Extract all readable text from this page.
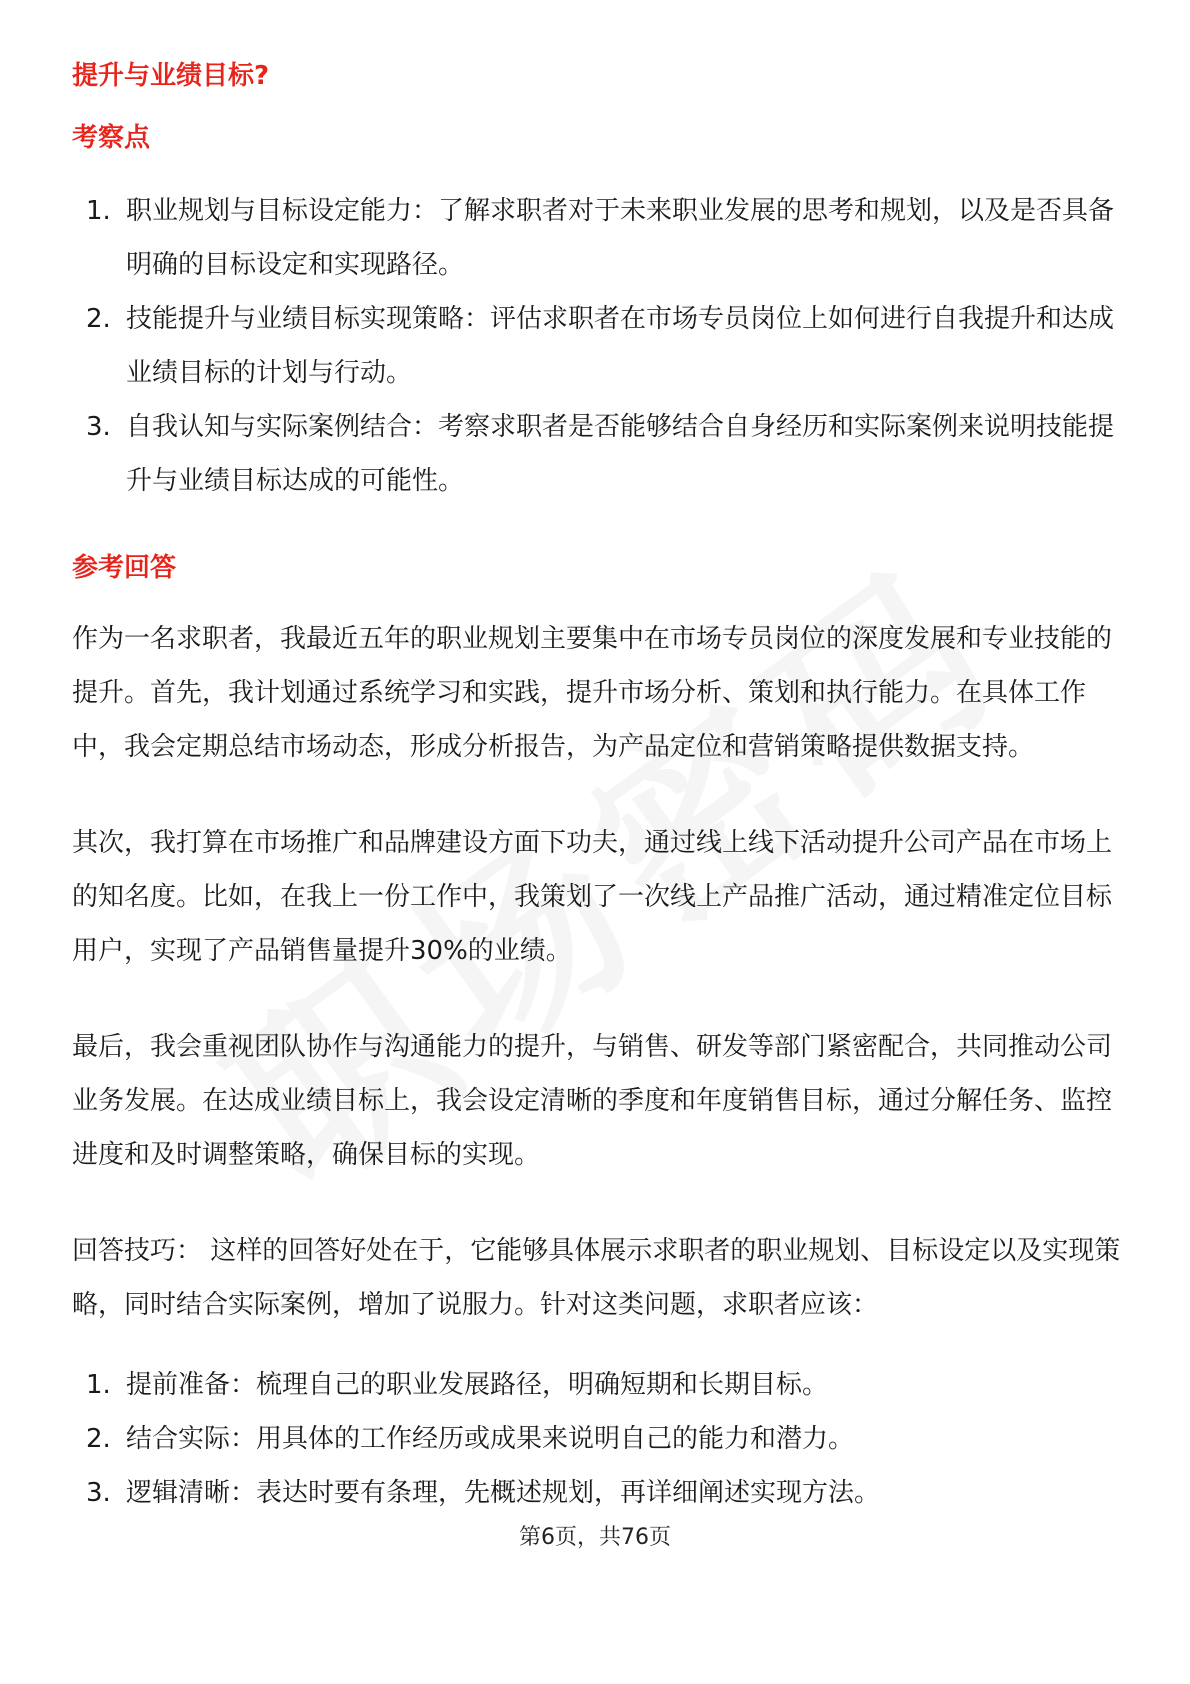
提升与业绩目标?
考察点
1. 职业规划与目标设定能力：了解求职者对于未来职业发展的思考和规划，以及是否具备明确的目标设定和实现路径。
2. 技能提升与业绩目标实现策略：评估求职者在市场专员岗位上如何进行自我提升和达成业绩目标的计划与行动。
3. 自我认知与实际案例结合：考察求职者是否能够结合自身经历和实际案例来说明技能提升与业绩目标达成的可能性。
参考回答

作为一名求职者，我最近五年的职业规划主要集中在市场专员岗位的深度发展和专业技能的提升。首先，我计划通过系统学习和实践，提升市场分析、策划和执行能力。在具体工作中，我会定期总结市场动态，形成分析报告，为产品定位和营销策略提供数据支持。

其次，我打算在市场推广和品牌建设方面下功夫，通过线上线下活动提升公司产品在市场上的知名度。比如，在我上一份工作中，我策划了一次线上产品推广活动，通过精准定位目标用户，实现了产品销售量提升30%的业绩。

最后，我会重视团队协作与沟通能力的提升，与销售、研发等部门紧密配合，共同推动公司业务发展。在达成业绩目标上，我会设定清晰的季度和年度销售目标，通过分解任务、监控进度和及时调整策略，确保目标的实现。

回答技巧： 这样的回答好处在于，它能够具体展示求职者的职业规划、目标设定以及实现策略，同时结合实际案例，增加了说服力。针对这类问题，求职者应该：

1. 提前准备：梳理自己的职业发展路径，明确短期和长期目标。
2. 结合实际：用具体的工作经历或成果来说明自己的能力和潜力。
3. 逻辑清晰：表达时要有条理，先概述规划，再详细阐述实现方法。
第6页，共76页
